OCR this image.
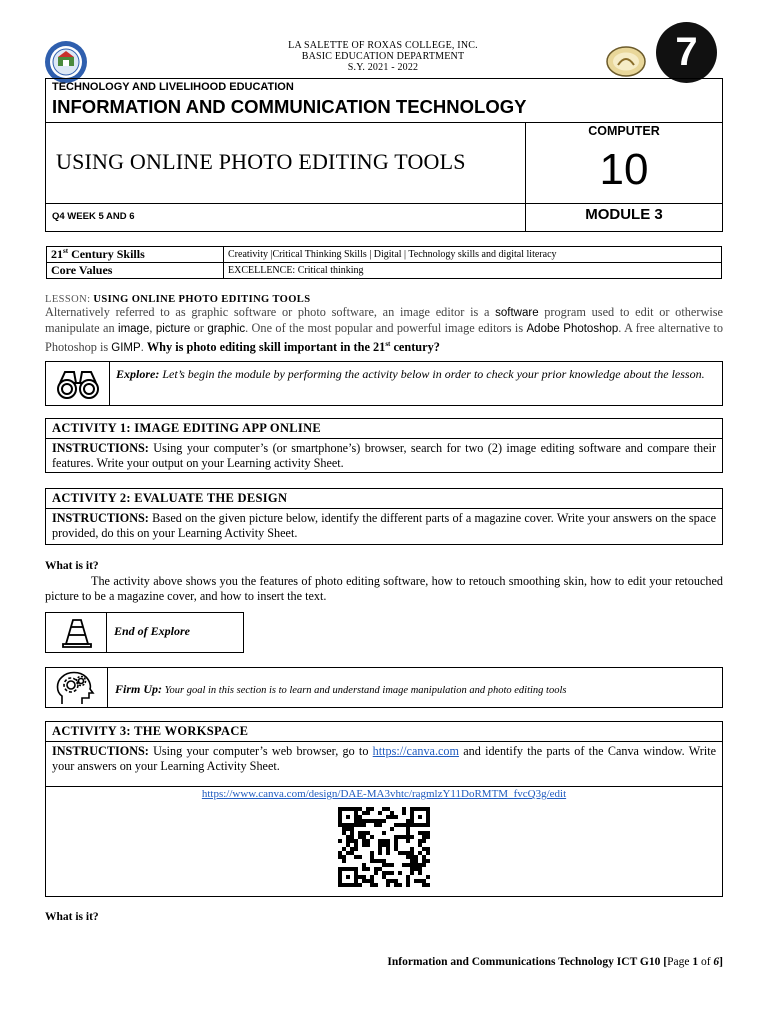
LA SALETTE OF ROXAS COLLEGE, INC.
BASIC EDUCATION DEPARTMENT
S.Y. 2021 - 2022	7
TECHNOLOGY AND LIVELIHOOD EDUCATION
INFORMATION AND COMMUNICATION TECHNOLOGY
USING ONLINE PHOTO EDITING TOOLS
Q4 WEEK 5 AND 6
COMPUTER
10
MODULE 3
21st Century Skills	Creativity |Critical Thinking Skills | Digital | Technology skills and digital literacy
Core Values	EXCELLENCE: Critical thinking
LESSON: USING ONLINE PHOTO EDITING TOOLS
Alternatively referred to as graphic software or photo software, an image editor is a software program used to edit or otherwise manipulate an image, picture or graphic. One of the most popular and powerful image editors is Adobe Photoshop. A free alternative to Photoshop is GIMP. Why is photo editing skill important in the 21st century?
Explore: Let’s begin the module by performing the activity below in order to check your prior knowledge about the lesson.
ACTIVITY 1: IMAGE EDITING APP ONLINE
INSTRUCTIONS: Using your computer’s (or smartphone’s) browser, search for two (2) image editing software and compare their features. Write your output on your Learning activity Sheet.
ACTIVITY 2: EVALUATE THE DESIGN
INSTRUCTIONS: Based on the given picture below, identify the different parts of a magazine cover. Write your answers on the space provided, do this on your Learning Activity Sheet.
What is it?
The activity above shows you the features of photo editing software, how to retouch smoothing skin, how to edit your retouched picture to be a magazine cover, and how to insert the text.
End of Explore
Firm Up: Your goal in this section is to learn and understand image manipulation and photo editing tools
ACTIVITY 3: THE WORKSPACE
INSTRUCTIONS: Using your computer’s web browser, go to https://canva.com and identify the parts of the Canva window. Write your answers on your Learning Activity Sheet.
https://www.canva.com/design/DAE-MA3vhtc/ragmlzY11DoRMTM_fvcQ3g/edit
What is it?
Information and Communications Technology ICT G10 [Page 1 of 6]
